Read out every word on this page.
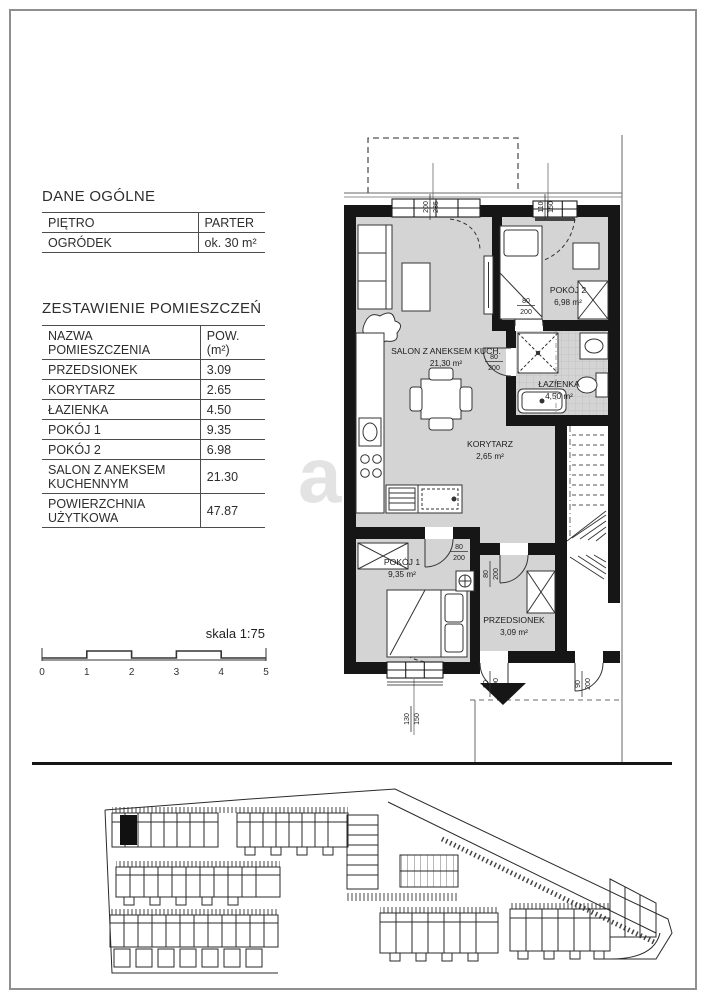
DANE OGÓLNE
PIĘTRO	PARTER
OGRÓDEK	ok. 30 m²
ZESTAWIENIE POMIESZCZEŃ
NAZWA POMIESZCZENIA	POW. (m²)
PRZEDSIONEK	3.09
KORYTARZ	2.65
ŁAZIENKA	4.50
POKÓJ 1	9.35
POKÓJ 2	6.98
SALON Z ANEKSEM KUCHENNYM	21.30
POWIERZCHNIA UŻYTKOWA	47.87
skala 1:75
0	1	2	3	4	5
a
SALON Z ANEKSEM KUCH.
21,30 m²
POKÓJ 2
6,98 m²
ŁAZIENKA
4,50 m²
KORYTARZ
2,65 m²
POKÓJ 1
9,35 m²
PRZEDSIONEK
3,09 m²
200 235	110 150
80
200
80
200
80
200
80 200
90 200	90 200
130 150
